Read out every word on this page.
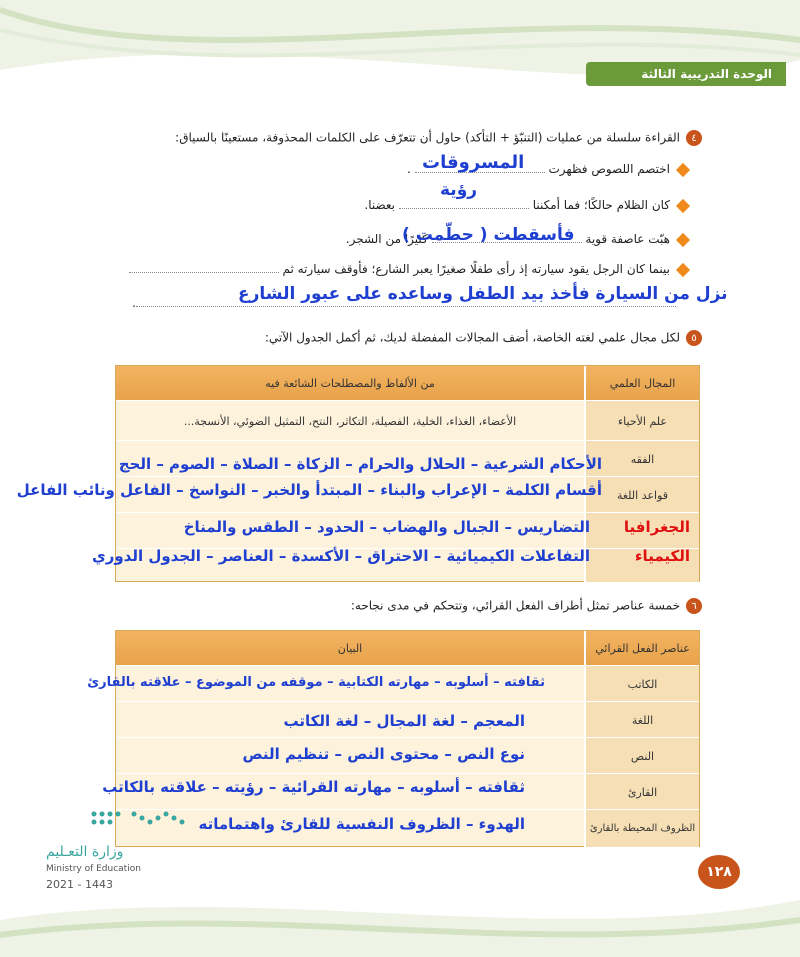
الوحدة التدريبية الثالثة
٤القراءة سلسلة من عمليات (التنبّؤ + التأكد) حاول أن تتعرّف على الكلمات المحذوفة، مستعينًا بالسياق:
اختصم اللصوص فظهرت  . المسروقات
كان الظلام حالكًا؛ فما أمكننا  بعضنا.
رؤية
هبّت عاصفة قوية  كثيرًا من الشجر.
فأسقطت ( حطّمت )
بينما كان الرجل يقود سيارته إذ رأى طفلًا صغيرًا يعبر الشارع؛ فأوقف سيارته ثم
.	نزل من السيارة فأخذ بيد الطفل وساعده على عبور الشارع
٥لكل مجال علمي لغته الخاصة، أضف المجالات المفضلة لديك، ثم أكمل الجدول الآتي:
المجال العلمي
من الألفاظ والمصطلحات الشائعة فيه
علم الأحياء
الأعضاء، الغذاء، الخلية، الفصيلة، التكاثر، النتح، التمثيل الضوئي، الأنسجة...
الفقه
قواعد اللغة
الأحكام الشرعية – الحلال والحرام – الزكاة – الصلاة – الصوم – الحج
أقسام الكلمة – الإعراب والبناء – المبتدأ والخبر – النواسخ – الفاعل ونائب الفاعل
الجغرافيا
التضاريس – الجبال والهضاب – الحدود – الطقس والمناخ
الكيمياء
التفاعلات الكيميائية – الاحتراق – الأكسدة – العناصر – الجدول الدوري
٦خمسة عناصر تمثل أطراف الفعل القرائي، وتتحكم في مدى نجاحه:
عناصر الفعل القرائي
البيان
الكاتب
اللغة
النص
القارئ
الظروف المحيطة بالقارئ
ثقافته – أسلوبه – مهارته الكتابية – موقفه من الموضوع – علاقته بالقارئ
المعجم – لغة المجال – لغة الكاتب
نوع النص – محتوى النص – تنظيم النص
ثقافته – أسلوبه – مهارته القرائية – رؤيته – علاقته بالكاتب
الهدوء – الظروف النفسية للقارئ واهتماماته
وزارة التعـليم
Ministry of Education
2021 - 1443
١٢٨
